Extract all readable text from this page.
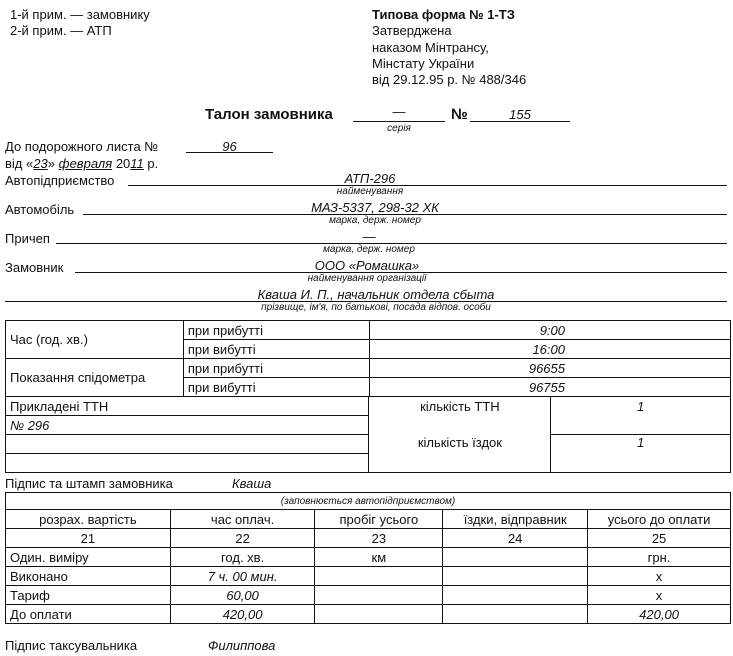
1-й прим. — замовнику
2-й прим. — АТП
Типова форма № 1-ТЗ
Затверджена
наказом Мінтрансу,
Мінстату України
від 29.12.95 р. № 488/346
Талон замовника	—
серія
№	155
До подорожного листа №	96
від «23» февраля 2011 р.
Автопідприємство	АТП-296
найменування
Автомобіль	МАЗ-5337, 298-32 ХК
марка, держ. номер
Причеп	—
марка, держ. номер
Замовник	ООО «Ромашка»
найменування організації
Кваша И. П., начальник отдела сбыта
прізвище, ім'я, по батькові, посада відпов. особи
Час (год. хв.)	при прибутті	9:00
	при вибутті	16:00
Показання спідометра	при прибутті	96655
	при вибутті	96755
Прикладені ТТН	кількість ТТН	1
№ 296		
	кількість їздок	1

Підпис та штамп замовника	Кваша
(заповнюється автопідприємством)				
розрах. вартість	час оплач.	пробіг усього	їздки, відправник	усього до оплати
21	22	23	24	25
Один. виміру	год. хв.	км		грн.
Виконано	7 ч. 00 мин.			х
Тариф	60,00			х
До оплати	420,00			420,00
Підпис таксувальника	Филиппова
